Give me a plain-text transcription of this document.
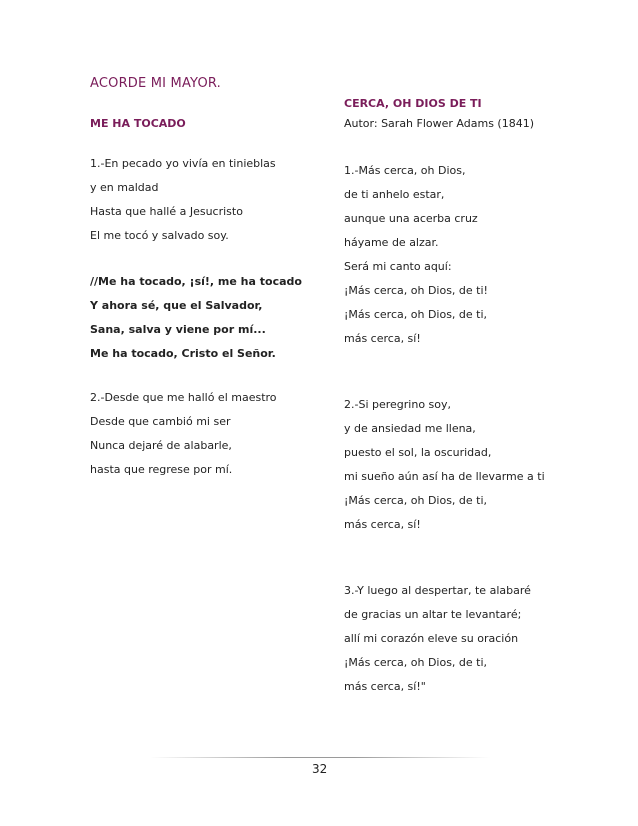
ACORDE MI MAYOR.
ME HA TOCADO
1.-En pecado yo vivía en tinieblas
y en maldad
Hasta que hallé a Jesucristo
El me tocó y salvado soy.
//Me ha tocado, ¡sí!, me ha tocado
Y ahora sé, que el Salvador,
Sana, salva y viene por mí...
Me ha tocado, Cristo el Señor.
2.-Desde que me halló el maestro
Desde que cambió mi ser
Nunca dejaré de alabarle,
hasta que regrese por mí.
CERCA, OH DIOS DE TI
Autor: Sarah Flower Adams (1841)
1.-Más cerca, oh Dios,
de ti anhelo estar,
aunque una acerba cruz
háyame de alzar.
Será mi canto aquí:
¡Más cerca, oh Dios, de ti!
¡Más cerca, oh Dios, de ti,
más cerca, sí!
2.-Si peregrino soy,
y de ansiedad me llena,
puesto el sol, la oscuridad,
mi sueño aún así ha de llevarme a ti
¡Más cerca, oh Dios, de ti,
más cerca, sí!
3.-Y luego al despertar, te alabaré
de gracias un altar te levantaré;
allí mi corazón eleve su oración
¡Más cerca, oh Dios, de ti,
más cerca, sí!"
32
